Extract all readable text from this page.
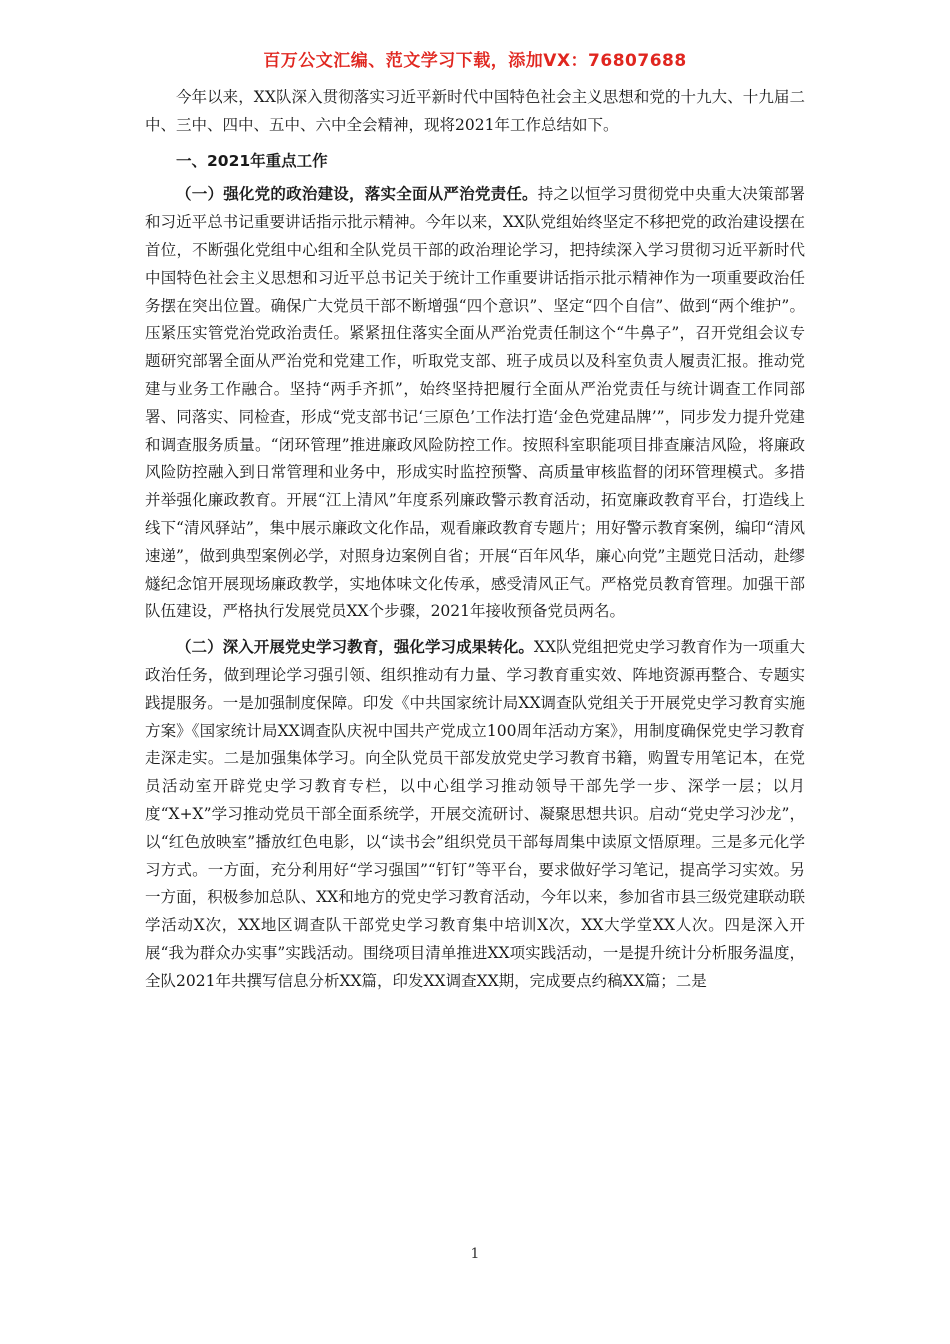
百万公文汇编、范文学习下载，添加VX：76807688

今年以来，XX队深入贯彻落实习近平新时代中国特色社会主义思想和党的十九大、十九届二中、三中、四中、五中、六中全会精神，现将2021年工作总结如下。

一、2021年重点工作

（一）强化党的政治建设，落实全面从严治党责任。持之以恒学习贯彻党中央重大决策部署和习近平总书记重要讲话指示批示精神。今年以来，XX队党组始终坚定不移把党的政治建设摆在首位，不断强化党组中心组和全队党员干部的政治理论学习，把持续深入学习贯彻习近平新时代中国特色社会主义思想和习近平总书记关于统计工作重要讲话指示批示精神作为一项重要政治任务摆在突出位置。确保广大党员干部不断增强“四个意识”、坚定“四个自信”、做到“两个维护”。压紧压实管党治党政治责任。紧紧扭住落实全面从严治党责任制这个“牛鼻子”，召开党组会议专题研究部署全面从严治党和党建工作，听取党支部、班子成员以及科室负责人履责汇报。推动党建与业务工作融合。坚持“两手齐抓”，始终坚持把履行全面从严治党责任与统计调查工作同部署、同落实、同检查，形成“党支部书记‘三原色’工作法打造‘金色党建品牌’”，同步发力提升党建和调查服务质量。“闭环管理”推进廉政风险防控工作。按照科室职能项目排查廉洁风险，将廉政风险防控融入到日常管理和业务中，形成实时监控预警、高质量审核监督的闭环管理模式。多措并举强化廉政教育。开展“江上清风”年度系列廉政警示教育活动，拓宽廉政教育平台，打造线上线下“清风驿站”，集中展示廉政文化作品，观看廉政教育专题片；用好警示教育案例，编印“清风速递”，做到典型案例必学，对照身边案例自省；开展“百年风华，廉心向党”主题党日活动，赴缪燧纪念馆开展现场廉政教学，实地体味文化传承，感受清风正气。严格党员教育管理。加强干部队伍建设，严格执行发展党员XX个步骤，2021年接收预备党员两名。

（二）深入开展党史学习教育，强化学习成果转化。XX队党组把党史学习教育作为一项重大政治任务，做到理论学习强引领、组织推动有力量、学习教育重实效、阵地资源再整合、专题实践提服务。一是加强制度保障。印发《中共国家统计局XX调查队党组关于开展党史学习教育实施方案》《国家统计局XX调查队庆祝中国共产党成立100周年活动方案》，用制度确保党史学习教育走深走实。二是加强集体学习。向全队党员干部发放党史学习教育书籍，购置专用笔记本，在党员活动室开辟党史学习教育专栏，以中心组学习推动领导干部先学一步、深学一层；以月度“X+X”学习推动党员干部全面系统学，开展交流研讨、凝聚思想共识。启动“党史学习沙龙”，以“红色放映室”播放红色电影，以“读书会”组织党员干部每周集中读原文悟原理。三是多元化学习方式。一方面，充分利用好“学习强国”“钉钉”等平台，要求做好学习笔记，提高学习实效。另一方面，积极参加总队、XX和地方的党史学习教育活动，今年以来，参加省市县三级党建联动联学活动X次，XX地区调查队干部党史学习教育集中培训X次，XX大学堂XX人次。四是深入开展“我为群众办实事”实践活动。围绕项目清单推进XX项实践活动，一是提升统计分析服务温度，全队2021年共撰写信息分析XX篇，印发XX调查XX期，完成要点约稿XX篇；二是

1
